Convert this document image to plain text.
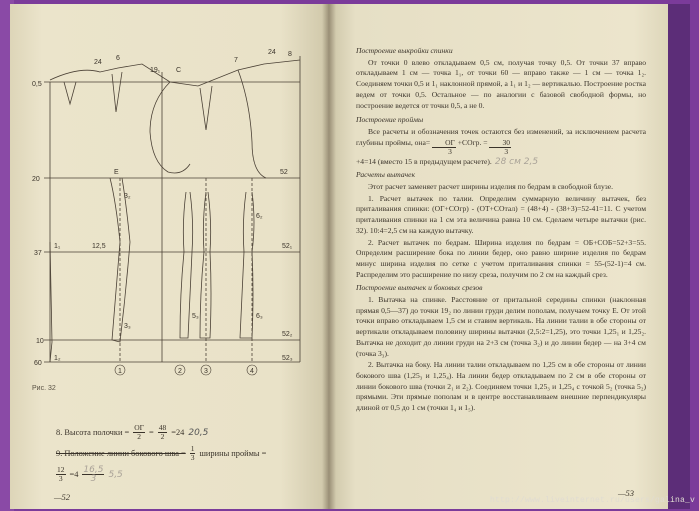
0,5
24
6
19₁ С
7
24 8
20
37
10
60
1₂
1₁
Е
3₂
3₃
12,5
5₃
6₂
6₃
52
52₁
52₂
52₃
1	2	3	4
Рис. 32
8. Высота полочки = $\frac{ОГ}{2} = \frac{48}{2} =24$ 20,5
9. Положение линии бокового шва = $\frac{1}{3}$ ширины проймы =
$\frac{12}{3} =4 \frac{16,5}{3} 5,5$
—52
Построение выкройки спинки
От точки 0 влево откладываем 0,5 см, получая точку 0,5. От точки 37 вправо откладываем 1 см — точка 1₁, от точки 60 — вправо также — 1 см — точка 1₂. Соединяем точки 0,5 и 1₁ наклонной прямой, а 1₁ и 1₂ — вертикалью. Построение ростка ведем от точки 0,5. Остальное — по аналогии с базовой свободной формы, но построение ведется от точки 0,5, а не 0.
Построение проймы
Все расчеты и обозначения точек остаются без изменений, за исключением расчета глубины проймы, $она= \frac{ОГ}{3}$ +СОгр. = $\frac{30}{3}$
+4=14 (вместо 15 в предыдущем расчете). 28 см 2,5
Расчеты вытачек
Этот расчет заменяет расчет ширины изделия по бедрам в свободной блузе.
1. Расчет вытачек по талии. Определим суммарную величину вытачек, без приталивания спинки: (ОГ+СОгр) - (ОТ+СОтал) = (48+4) - (38+3)=52-41=11. С учетом приталивания спинки на 1 см эта величина равна 10 см. Сделаем четыре вытачки (рис. 32). 10:4=2,5 см на каждую вытачку.
2. Расчет вытачек по бедрам. Ширина изделия по бедрам = ОБ+СОБ=52+3=55. Определим расширение бока по линии бедер, оно равно ширине изделия по бедрам минус ширина изделия по сетке с учетом приталивания спинки = 55-(52-1)=4 см. Распределим это расширение по низу среза, получим по 2 см на каждый срез.
Построение вытачек и боковых срезов
1. Вытачка на спинке. Расстояние от притальной середины спинки (наклонная прямая 0,5—37) до точки 19₂ по линии груди делим пополам, получаем точку Е. От этой точки вправо откладываем 1,5 см и ставим вертикаль. На линии талии в обе стороны от вертикали откладываем половину ширины вытачки (2,5:2=1,25), это точки 1,25₁ и 1,25₂. Вытачка не доходит до линии груди на 2+3 см (точка 3₂) и до линии бедер — на 3+4 см (точка 3₃).
2. Вытачка на боку. На линии талии откладываем по 1,25 см в обе стороны от линии бокового шва (1,25₃ и 1,25₄). На линии бедер откладываем по 2 см в обе стороны от линии бокового шва (точки 2₁ и 2₂). Соединяем точки 1,25₃ и 1,25₄ с точкой 5₂ (точка 5₂) прямыми. Эти прямые пополам и в центре восстанавливаем внешние перпендикуляры длиной от 0,5 до 1 см (точки 1₄ и 1₅).
—53
http://www.liveinternet.ru/users/galina_v
